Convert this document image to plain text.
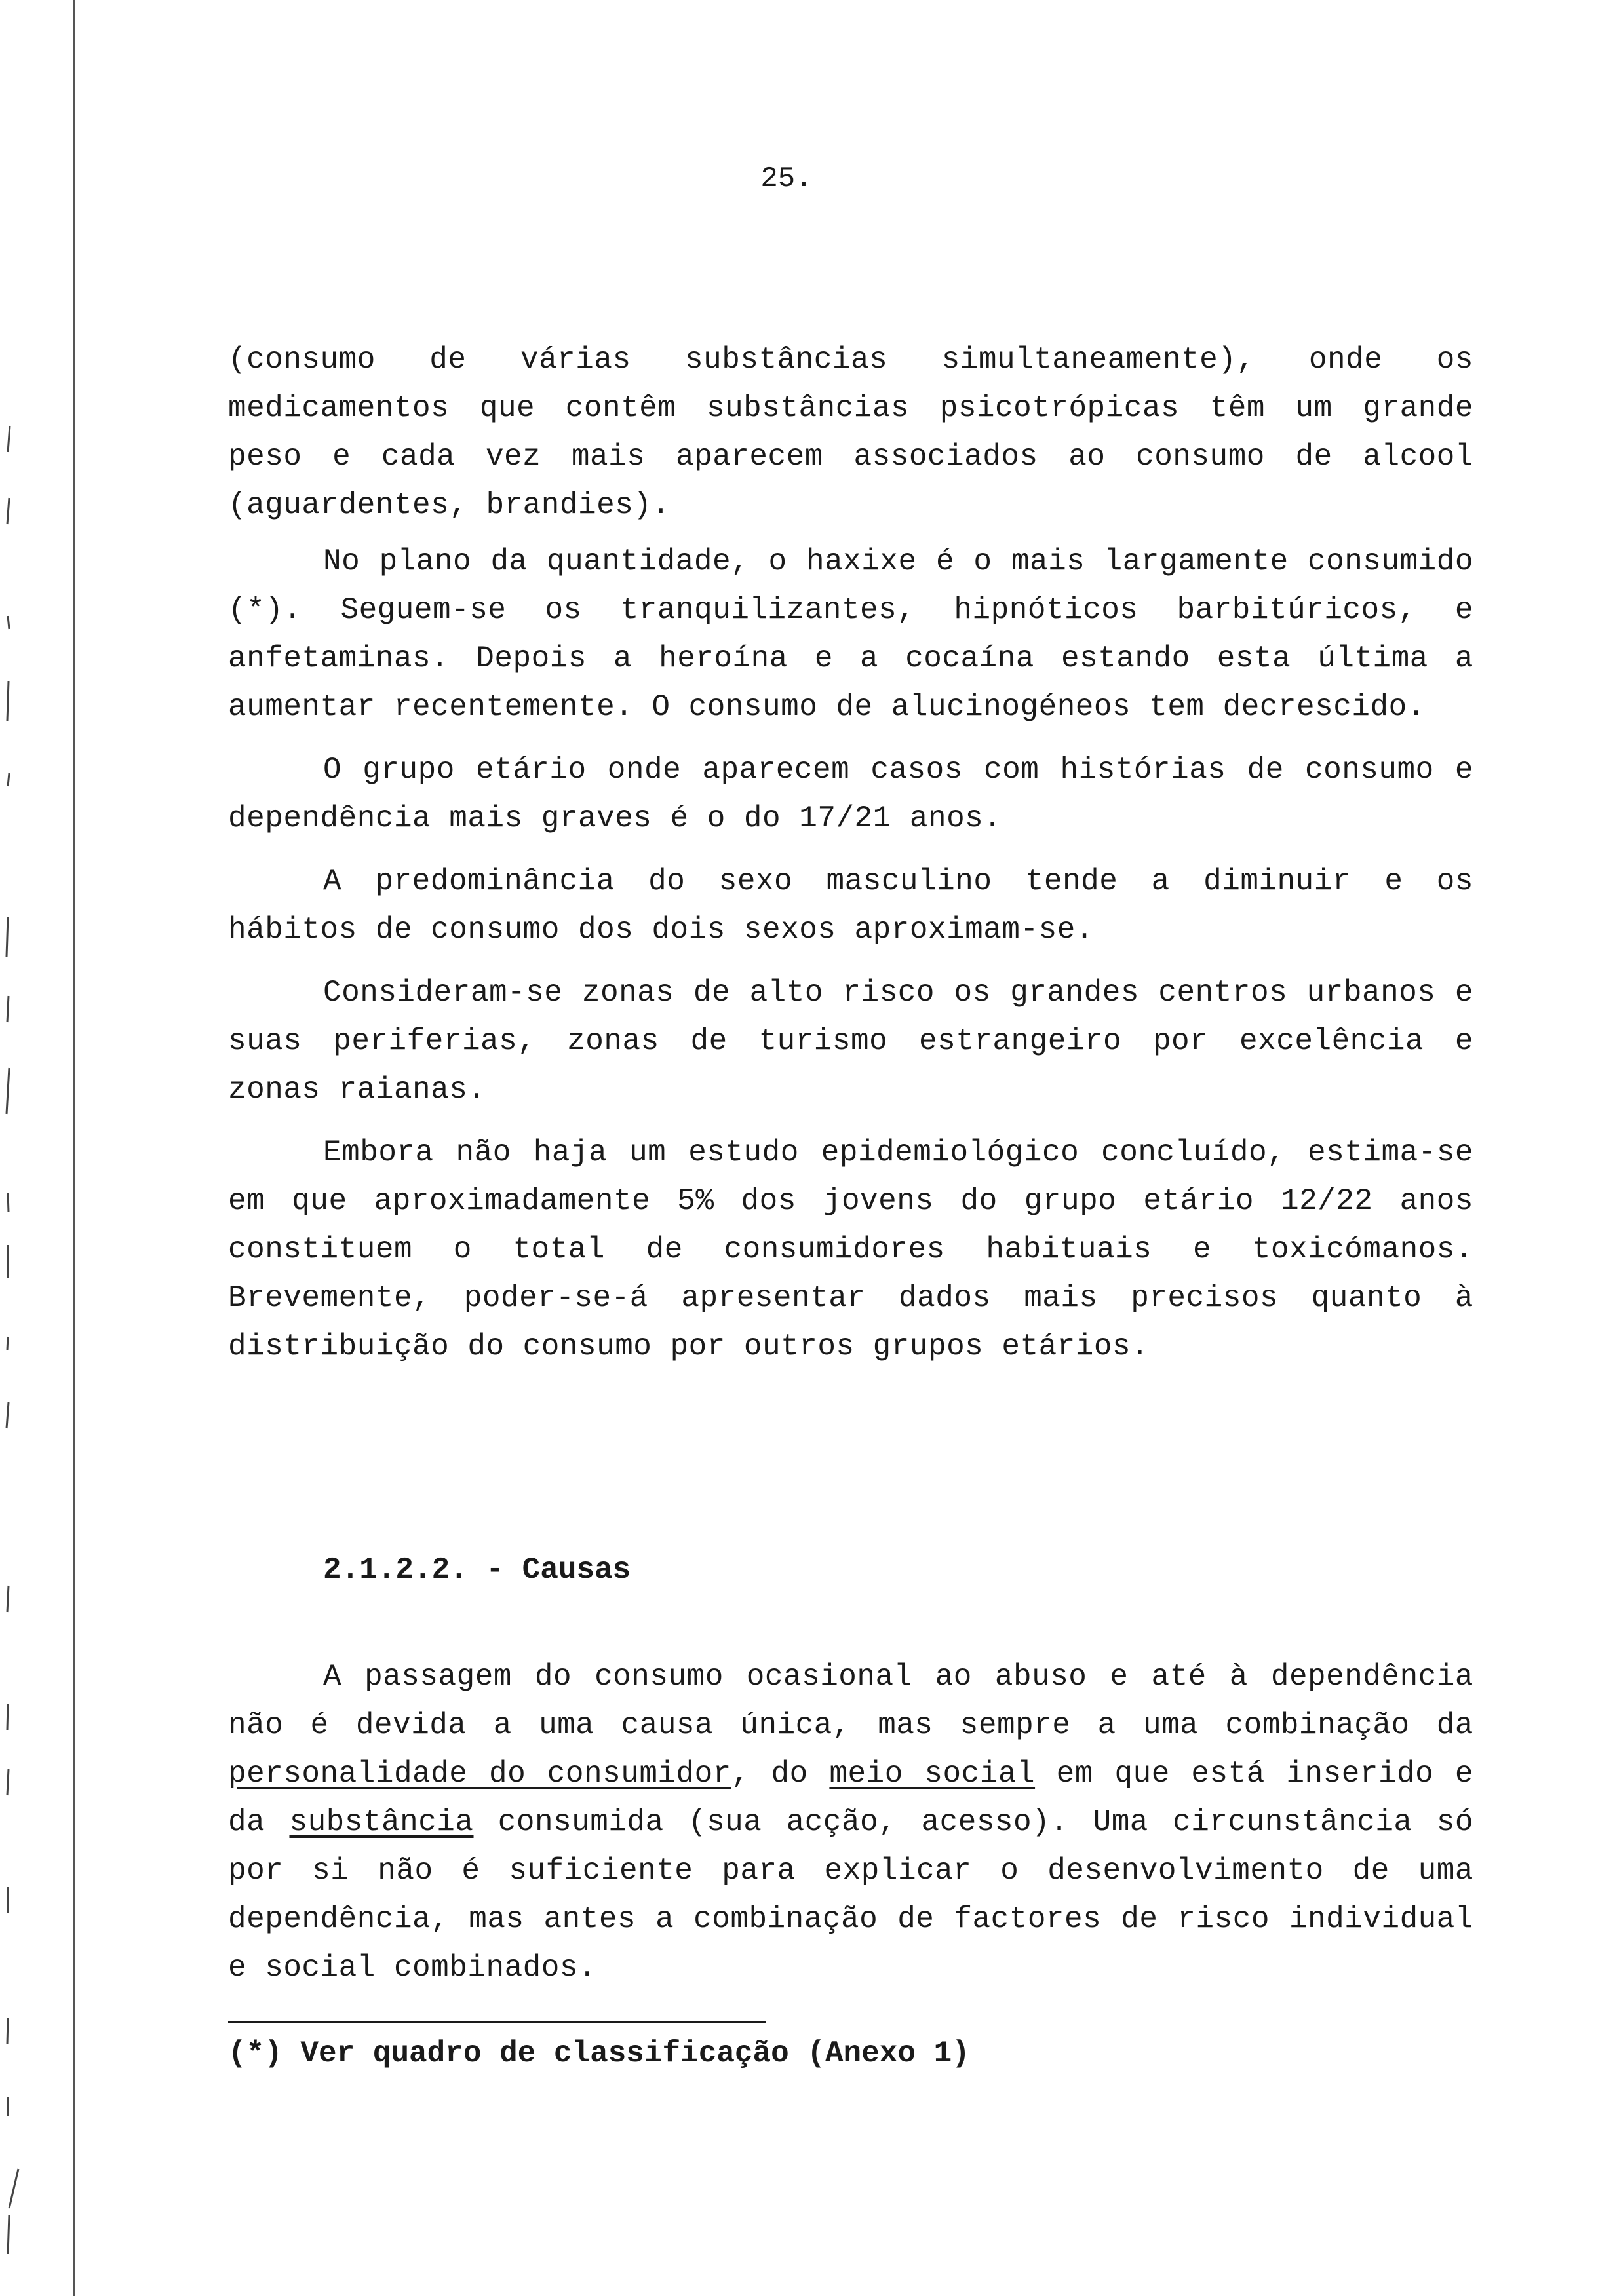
25.

(consumo de várias substâncias simultaneamente), onde os medicamentos que contêm substâncias psicotrópicas têm um grande peso e cada vez mais aparecem associados ao consumo de alcool (aguardentes, brandies).

No plano da quantidade, o haxixe é o mais largamente consumido (*). Seguem-se os tranquilizantes, hipnóticos barbitúricos, e anfetaminas. Depois a heroína e a cocaína estando esta última a aumentar recentemente. O consumo de alucinogéneos tem decrescido.

O grupo etário onde aparecem casos com histórias de consumo e dependência mais graves é o do 17/21 anos.

A predominância do sexo masculino tende a diminuir e os hábitos de consumo dos dois sexos aproximam-se.

Consideram-se zonas de alto risco os grandes centros urbanos e suas periferias, zonas de turismo estrangeiro por excelência e zonas raianas.

Embora não haja um estudo epidemiológico concluído, estima-se em que aproximadamente 5% dos jovens do grupo etário 12/22 anos constituem o total de consumidores habituais e toxicómanos. Brevemente, poder-se-á apresentar dados mais precisos quanto à distribuição do consumo por outros grupos etários.

2.1.2.2. - Causas

A passagem do consumo ocasional ao abuso e até à dependência não é devida a uma causa única, mas sempre a uma combinação da personalidade do consumidor, do meio social em que está inserido e da substância consumida (sua acção, acesso). Uma circunstância só por si não é suficiente para explicar o desenvolvimento de uma dependência, mas antes a combinação de factores de risco individual e social combinados.

(*) Ver quadro de classificação (Anexo 1)
